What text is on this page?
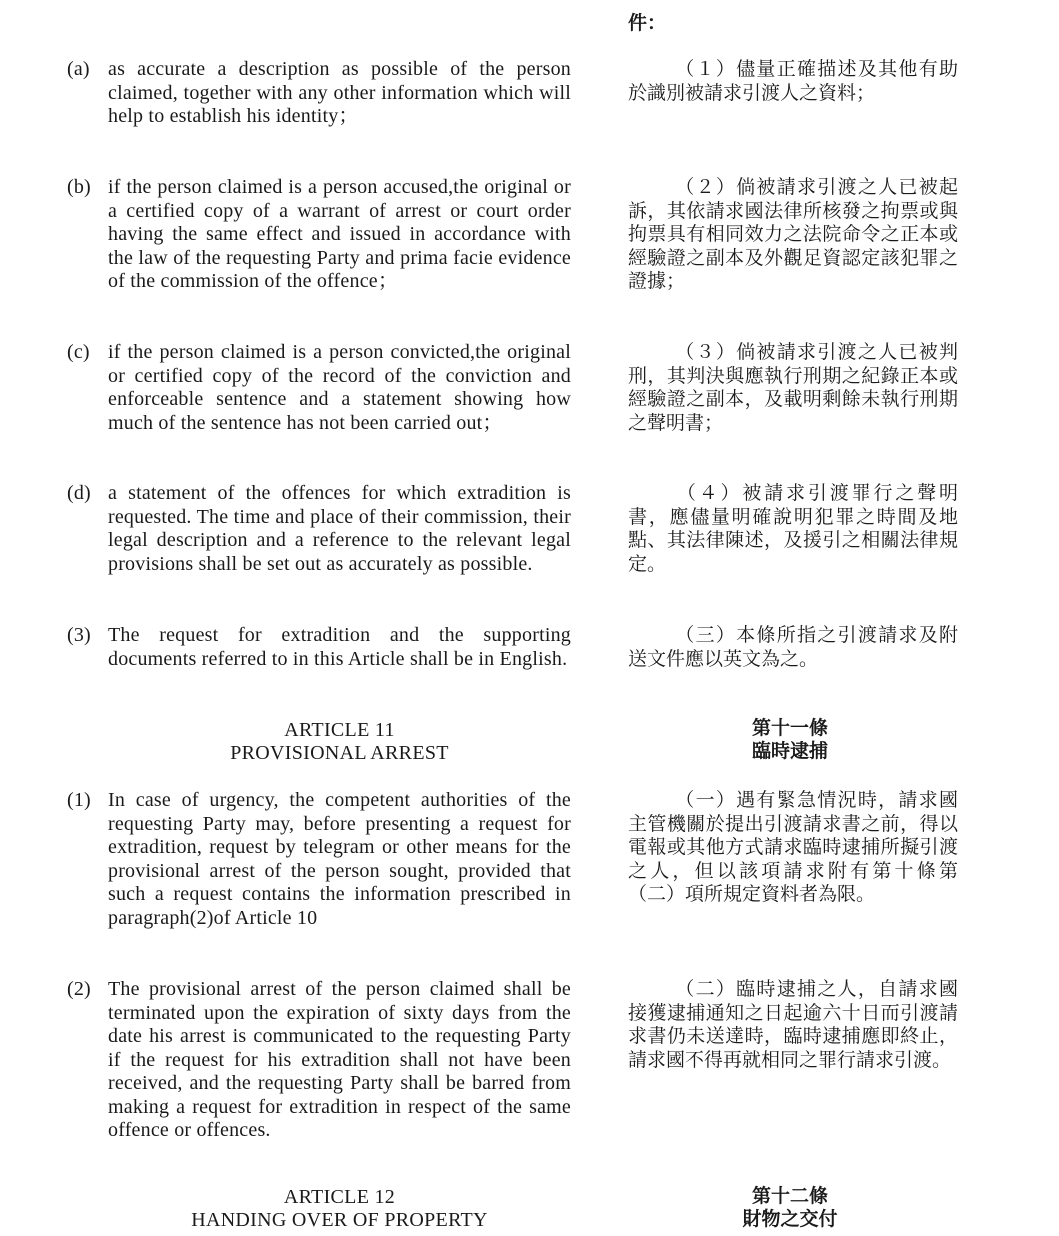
件：
(a) as accurate a description as possible of the person claimed, together with any other information which will help to establish his identity；
(b) if the person claimed is a person accused,the original or a certified copy of a warrant of arrest or court order having the same effect and issued in accordance with the law of the requesting Party and prima facie evidence of the commission of the offence；
(c) if the person claimed is a person convicted,the original or certified copy of the record of the conviction and enforceable sentence and a statement showing how much of the sentence has not been carried out；
(d) a statement of the offences for which extradition is requested. The time and place of their commission, their legal description and a reference to the relevant legal provisions shall be set out as accurately as possible.
(3) The request for extradition and the supporting documents referred to in this Article shall be in English.
ARTICLE 11
PROVISIONAL ARREST
(1) In case of urgency, the competent authorities of the requesting Party may, before presenting a request for extradition, request by telegram or other means for the provisional arrest of the person sought, provided that such a request contains the information prescribed in paragraph(2)of Article 10
(2) The provisional arrest of the person claimed shall be terminated upon the expiration of sixty days from the date his arrest is communicated to the requesting Party if the request for his extradition shall not have been received, and the requesting Party shall be barred from making a request for extradition in respect of the same offence or offences.
ARTICLE 12
HANDING OVER OF PROPERTY
（１）儘量正確描述及其他有助於識別被請求引渡人之資料；
（２）倘被請求引渡之人已被起訴，其依請求國法律所核發之拘票或與拘票具有相同效力之法院命令之正本或經驗證之副本及外觀足資認定該犯罪之證據；
（３）倘被請求引渡之人已被判刑，其判決與應執行刑期之紀錄正本或經驗證之副本，及載明剩餘未執行刑期之聲明書；
（４）被請求引渡罪行之聲明書，應儘量明確說明犯罪之時間及地點、其法律陳述，及援引之相關法律規定。
（三）本條所指之引渡請求及附送文件應以英文為之。
第十一條
臨時逮捕
（一）遇有緊急情況時，請求國主管機關於提出引渡請求書之前，得以電報或其他方式請求臨時逮捕所擬引渡之人，但以該項請求附有第十條第（二）項所規定資料者為限。
（二）臨時逮捕之人，自請求國接獲逮捕通知之日起逾六十日而引渡請求書仍未送達時，臨時逮捕應即終止，請求國不得再就相同之罪行請求引渡。
第十二條
財物之交付
